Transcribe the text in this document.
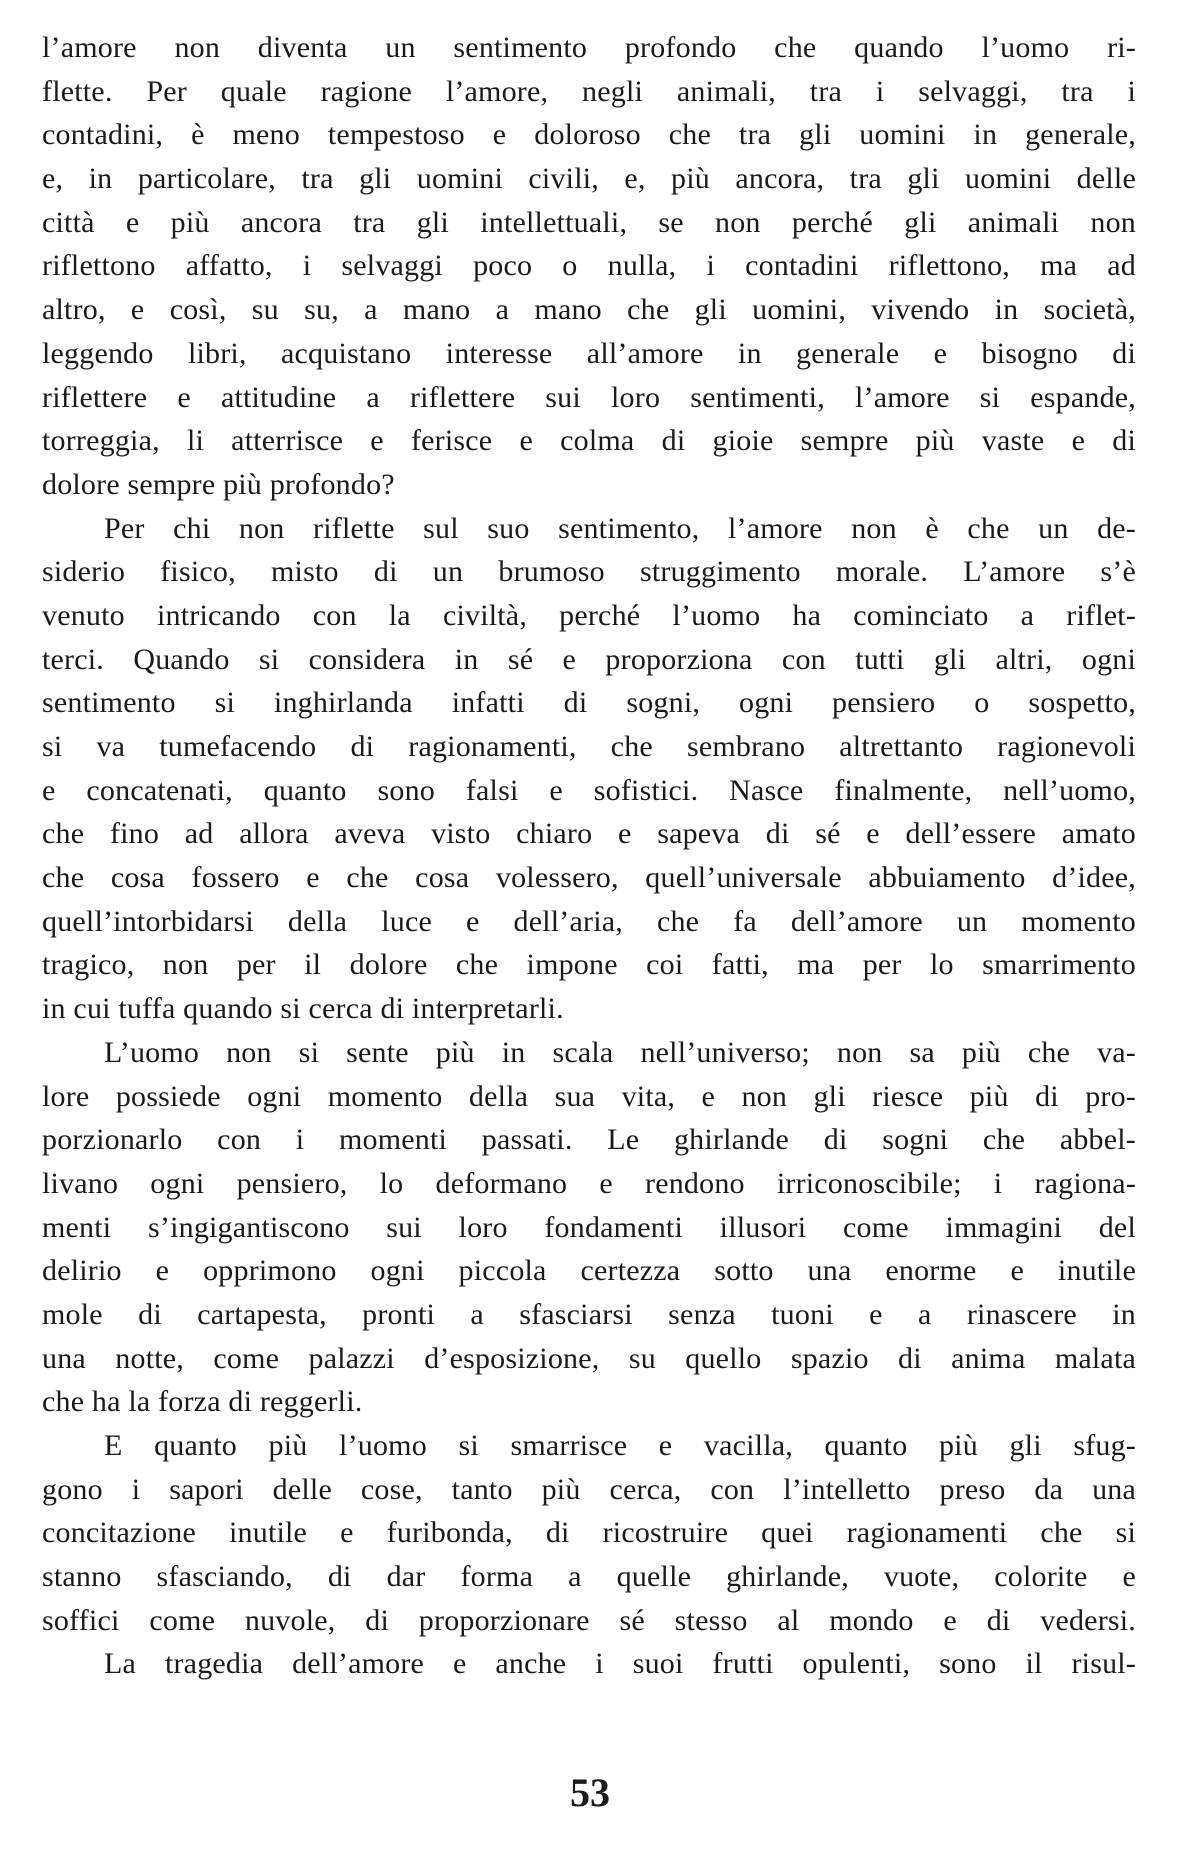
l’amore non diventa un sentimento profondo che quando l’uomo ri-
flette. Per quale ragione l’amore, negli animali, tra i selvaggi, tra i
contadini, è meno tempestoso e doloroso che tra gli uomini in generale,
e, in particolare, tra gli uomini civili, e, più ancora, tra gli uomini delle
città e più ancora tra gli intellettuali, se non perché gli animali non
riflettono affatto, i selvaggi poco o nulla, i contadini riflettono, ma ad
altro, e così, su su, a mano a mano che gli uomini, vivendo in società,
leggendo libri, acquistano interesse all’amore in generale e bisogno di
riflettere e attitudine a riflettere sui loro sentimenti, l’amore si espande,
torreggia, li atterrisce e ferisce e colma di gioie sempre più vaste e di
dolore sempre più profondo?
Per chi non riflette sul suo sentimento, l’amore non è che un de-
siderio fisico, misto di un brumoso struggimento morale. L’amore s’è
venuto intricando con la civiltà, perché l’uomo ha cominciato a riflet-
terci. Quando si considera in sé e proporziona con tutti gli altri, ogni
sentimento si inghirlanda infatti di sogni, ogni pensiero o sospetto,
si va tumefacendo di ragionamenti, che sembrano altrettanto ragionevoli
e concatenati, quanto sono falsi e sofistici. Nasce finalmente, nell’uomo,
che fino ad allora aveva visto chiaro e sapeva di sé e dell’essere amato
che cosa fossero e che cosa volessero, quell’universale abbuiamento d’idee,
quell’intorbidarsi della luce e dell’aria, che fa dell’amore un momento
tragico, non per il dolore che impone coi fatti, ma per lo smarrimento
in cui tuffa quando si cerca di interpretarli.
L’uomo non si sente più in scala nell’universo; non sa più che va-
lore possiede ogni momento della sua vita, e non gli riesce più di pro-
porzionarlo con i momenti passati. Le ghirlande di sogni che abbel-
livano ogni pensiero, lo deformano e rendono irriconoscibile; i ragiona-
menti s’ingigantiscono sui loro fondamenti illusori come immagini del
delirio e opprimono ogni piccola certezza sotto una enorme e inutile
mole di cartapesta, pronti a sfasciarsi senza tuoni e a rinascere in
una notte, come palazzi d’esposizione, su quello spazio di anima malata
che ha la forza di reggerli.
E quanto più l’uomo si smarrisce e vacilla, quanto più gli sfug-
gono i sapori delle cose, tanto più cerca, con l’intelletto preso da una
concitazione inutile e furibonda, di ricostruire quei ragionamenti che si
stanno sfasciando, di dar forma a quelle ghirlande, vuote, colorite e
soffici come nuvole, di proporzionare sé stesso al mondo e di vedersi.
La tragedia dell’amore e anche i suoi frutti opulenti, sono il risul-
53
